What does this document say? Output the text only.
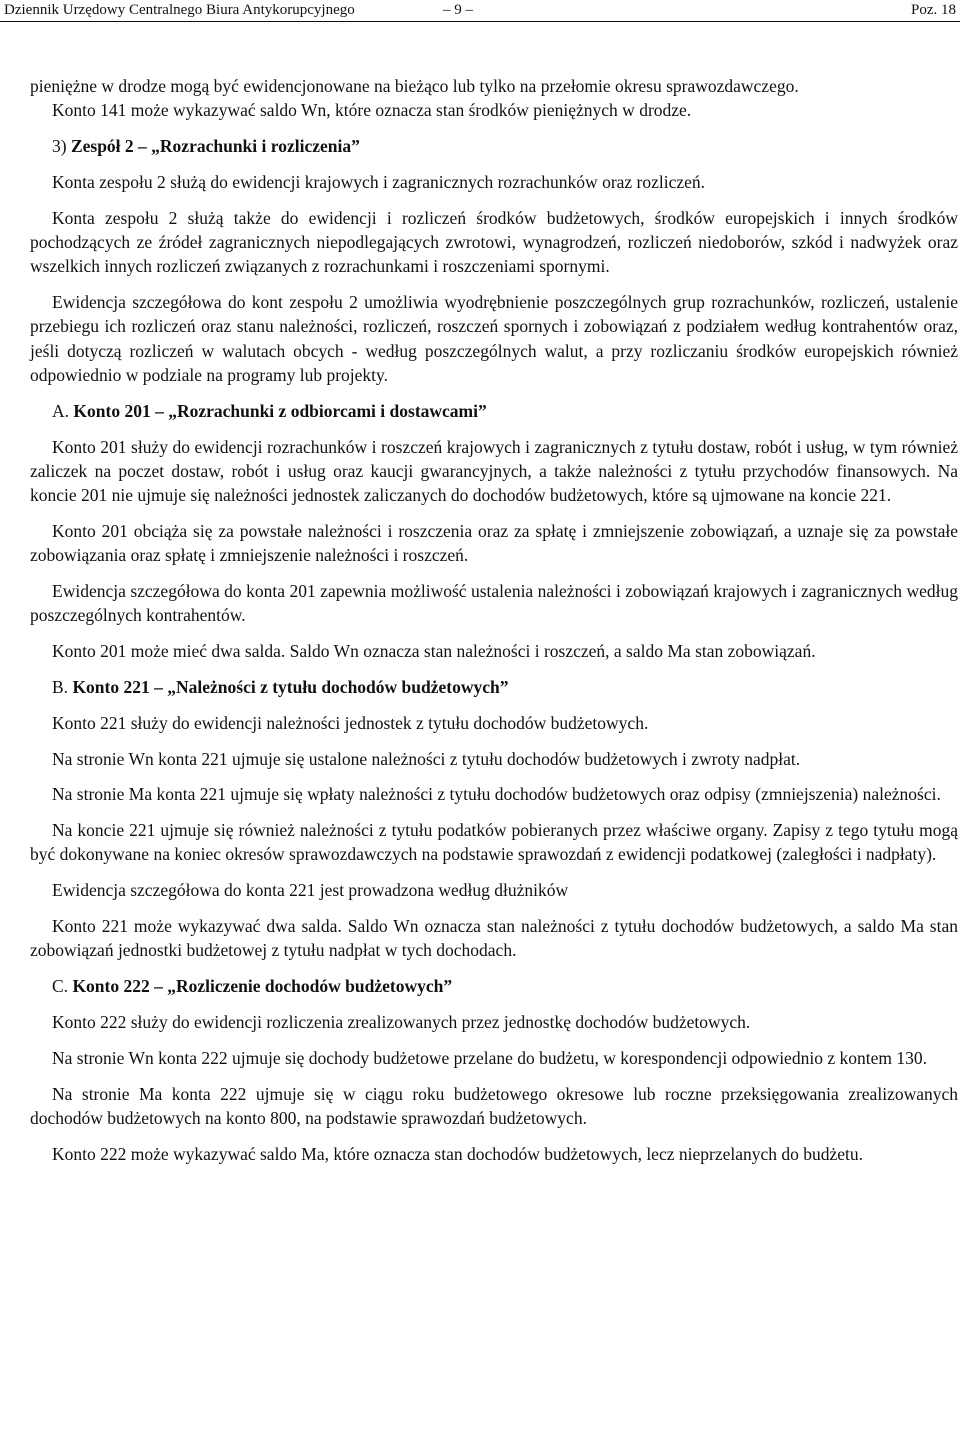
Dziennik Urzędowy Centralnego Biura Antykorupcyjnego	– 9 –	Poz. 18

pieniężne w drodze mogą być ewidencjonowane na bieżąco lub tylko na przełomie okresu sprawozdawczego.

Konto 141 może wykazywać saldo Wn, które oznacza stan środków pieniężnych w drodze.

3) Zespół 2 – „Rozrachunki i rozliczenia”

Konta zespołu 2 służą do ewidencji krajowych i zagranicznych rozrachunków oraz rozliczeń.

Konta zespołu 2 służą także do ewidencji i rozliczeń środków budżetowych, środków europejskich i innych środków pochodzących ze źródeł zagranicznych niepodlegających zwrotowi, wynagrodzeń, rozliczeń niedoborów, szkód i nadwyżek oraz wszelkich innych rozliczeń związanych z rozrachunkami i roszczeniami spornymi.

Ewidencja szczegółowa do kont zespołu 2 umożliwia wyodrębnienie poszczególnych grup rozrachunków, rozliczeń, ustalenie przebiegu ich rozliczeń oraz stanu należności, rozliczeń, roszczeń spornych i zobowiązań z podziałem według kontrahentów oraz, jeśli dotyczą rozliczeń w walutach obcych - według poszczególnych walut, a przy rozliczaniu środków europejskich również odpowiednio w podziale na programy lub projekty.

A. Konto 201 – „Rozrachunki z odbiorcami i dostawcami”

Konto 201 służy do ewidencji rozrachunków i roszczeń krajowych i zagranicznych z tytułu dostaw, robót i usług, w tym również zaliczek na poczet dostaw, robót i usług oraz kaucji gwarancyjnych, a także należności z tytułu przychodów finansowych. Na koncie 201 nie ujmuje się należności jednostek zaliczanych do dochodów budżetowych, które są ujmowane na koncie 221.

Konto 201 obciąża się za powstałe należności i roszczenia oraz za spłatę i zmniejszenie zobowiązań, a uznaje się za powstałe zobowiązania oraz spłatę i zmniejszenie należności i roszczeń.

Ewidencja szczegółowa do konta 201 zapewnia możliwość ustalenia należności i zobowiązań krajowych i zagranicznych według poszczególnych kontrahentów.

Konto 201 może mieć dwa salda. Saldo Wn oznacza stan należności i roszczeń, a saldo Ma stan zobowiązań.

B. Konto 221 – „Należności z tytułu dochodów budżetowych”

Konto 221 służy do ewidencji należności jednostek z tytułu dochodów budżetowych.

Na stronie Wn konta 221 ujmuje się ustalone należności z tytułu dochodów budżetowych i zwroty nadpłat.

Na stronie Ma konta 221 ujmuje się wpłaty należności z tytułu dochodów budżetowych oraz odpisy (zmniejszenia) należności.

Na koncie 221 ujmuje się również należności z tytułu podatków pobieranych przez właściwe organy. Zapisy z tego tytułu mogą być dokonywane na koniec okresów sprawozdawczych na podstawie sprawozdań z ewidencji podatkowej (zaległości i nadpłaty).

Ewidencja szczegółowa do konta 221 jest prowadzona według dłużników

Konto 221 może wykazywać dwa salda. Saldo Wn oznacza stan należności z tytułu dochodów budżetowych, a saldo Ma stan zobowiązań jednostki budżetowej z tytułu nadpłat w tych dochodach.

C. Konto 222 – „Rozliczenie dochodów budżetowych”

Konto 222 służy do ewidencji rozliczenia zrealizowanych przez jednostkę dochodów budżetowych.

Na stronie Wn konta 222 ujmuje się dochody budżetowe przelane do budżetu, w korespondencji odpowiednio z kontem 130.

Na stronie Ma konta 222 ujmuje się w ciągu roku budżetowego okresowe lub roczne przeksięgowania zrealizowanych dochodów budżetowych na konto 800, na podstawie sprawozdań budżetowych.

Konto 222 może wykazywać saldo Ma, które oznacza stan dochodów budżetowych, lecz nieprzelanych do budżetu.
